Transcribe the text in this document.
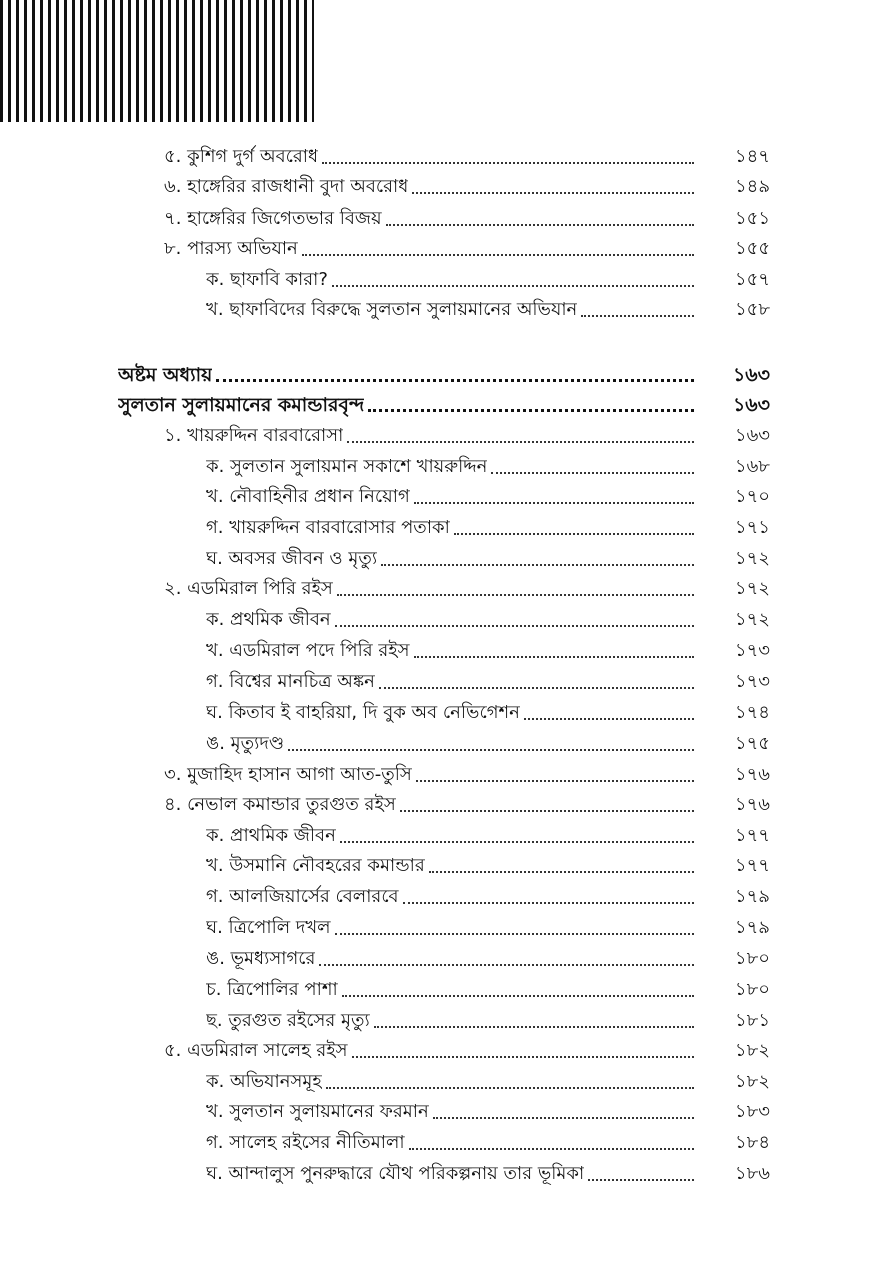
৫. কুশিগ দুর্গ অবরোধ	১৪৭
৬. হাঙ্গেরির রাজধানী বুদা অবরোধ	১৪৯
৭. হাঙ্গেরির জিগেতভার বিজয়	১৫১
৮. পারস্য অভিযান	১৫৫
ক. ছাফাবি কারা?	১৫৭
খ. ছাফাবিদের বিরুদ্ধে সুলতান সুলায়মানের অভিযান	১৫৮
অষ্টম অধ্যায়	১৬৩
সুলতান সুলায়মানের কমান্ডারবৃন্দ	১৬৩
১. খায়রুদ্দিন বারবারোসা	১৬৩
ক. সুলতান সুলায়মান সকাশে খায়রুদ্দিন	১৬৮
খ. নৌবাহিনীর প্রধান নিয়োগ	১৭০
গ. খায়রুদ্দিন বারবারোসার পতাকা	১৭১
ঘ. অবসর জীবন ও মৃত্যু	১৭২
২. এডমিরাল পিরি রইস	১৭২
ক. প্রথমিক জীবন	১৭২
খ. এডমিরাল পদে পিরি রইস	১৭৩
গ. বিশ্বের মানচিত্র অঙ্কন	১৭৩
ঘ. কিতাব ই বাহরিয়া, দি বুক অব নেভিগেশন	১৭৪
ঙ. মৃত্যুদণ্ড	১৭৫
৩. মুজাহিদ হাসান আগা আত-তুসি	১৭৬
৪. নেভাল কমান্ডার তুরগুত রইস	১৭৬
ক. প্রাথমিক জীবন	১৭৭
খ. উসমানি নৌবহরের কমান্ডার	১৭৭
গ. আলজিয়ার্সের বেলারবে	১৭৯
ঘ. ত্রিপোলি দখল	১৭৯
ঙ. ভূমধ্যসাগরে	১৮০
চ. ত্রিপোলির পাশা	১৮০
ছ. তুরগুত রইসের মৃত্যু	১৮১
৫. এডমিরাল সালেহ রইস	১৮২
ক. অভিযানসমূহ	১৮২
খ. সুলতান সুলায়মানের ফরমান	১৮৩
গ. সালেহ রইসের নীতিমালা	১৮৪
ঘ. আন্দালুস পুনরুদ্ধারে যৌথ পরিকল্পনায় তার ভূমিকা	১৮৬
